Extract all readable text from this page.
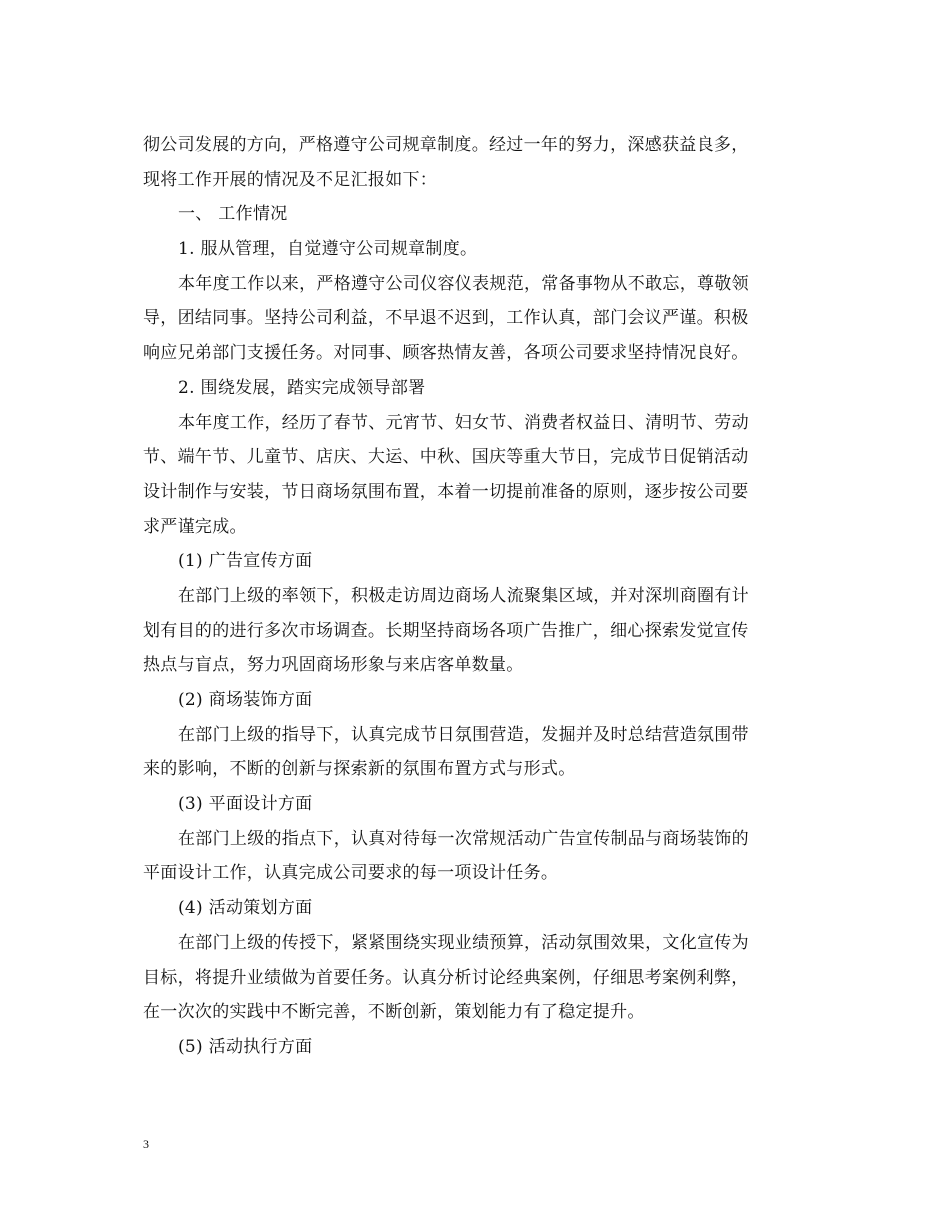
彻公司发展的方向，严格遵守公司规章制度。经过一年的努力，深感获益良多，
现将工作开展的情况及不足汇报如下：
一、 工作情况
1. 服从管理，自觉遵守公司规章制度。
本年度工作以来，严格遵守公司仪容仪表规范，常备事物从不敢忘，尊敬领
导，团结同事。坚持公司利益，不早退不迟到，工作认真，部门会议严谨。积极
响应兄弟部门支援任务。对同事、顾客热情友善，各项公司要求坚持情况良好。
2. 围绕发展，踏实完成领导部署
本年度工作，经历了春节、元宵节、妇女节、消费者权益日、清明节、劳动
节、端午节、儿童节、店庆、大运、中秋、国庆等重大节日，完成节日促销活动
设计制作与安装，节日商场氛围布置，本着一切提前准备的原则，逐步按公司要
求严谨完成。
(1) 广告宣传方面
在部门上级的率领下，积极走访周边商场人流聚集区域，并对深圳商圈有计
划有目的的进行多次市场调查。长期坚持商场各项广告推广，细心探索发觉宣传
热点与盲点，努力巩固商场形象与来店客单数量。
(2) 商场装饰方面
在部门上级的指导下，认真完成节日氛围营造，发掘并及时总结营造氛围带
来的影响，不断的创新与探索新的氛围布置方式与形式。
(3) 平面设计方面
在部门上级的指点下，认真对待每一次常规活动广告宣传制品与商场装饰的
平面设计工作，认真完成公司要求的每一项设计任务。
(4) 活动策划方面
在部门上级的传授下，紧紧围绕实现业绩预算，活动氛围效果，文化宣传为
目标，将提升业绩做为首要任务。认真分析讨论经典案例，仔细思考案例利弊，
在一次次的实践中不断完善，不断创新，策划能力有了稳定提升。
(5) 活动执行方面
3
